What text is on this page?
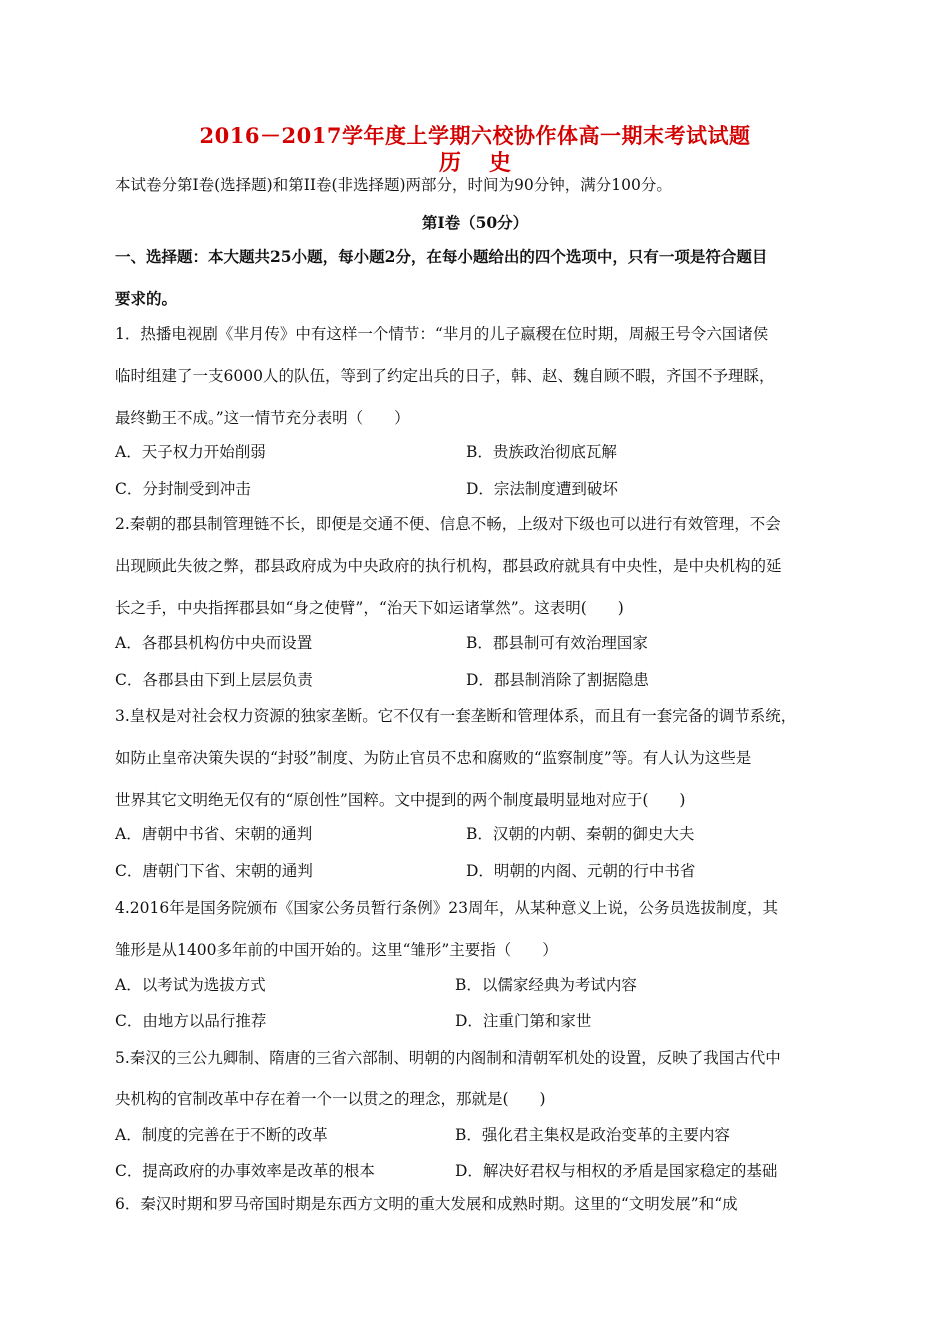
2016－2017学年度上学期六校协作体高一期末考试试题
历史
本试卷分第Ⅰ卷(选择题)和第II卷(非选择题)两部分，时间为90分钟，满分100分。
第Ⅰ卷（50分）
一、选择题：本大题共25小题，每小题2分，在每小题给出的四个选项中，只有一项是符合题目
要求的。
1．热播电视剧《芈月传》中有这样一个情节：“芈月的儿子嬴稷在位时期，周赧王号令六国诸侯
临时组建了一支6000人的队伍，等到了约定出兵的日子，韩、赵、魏自顾不暇，齐国不予理睬，
最终勤王不成。”这一情节充分表明（　　）
A．天子权力开始削弱	B．贵族政治彻底瓦解
C．分封制受到冲击	D．宗法制度遭到破坏
2.秦朝的郡县制管理链不长，即便是交通不便、信息不畅，上级对下级也可以进行有效管理，不会
出现顾此失彼之弊，郡县政府成为中央政府的执行机构，郡县政府就具有中央性，是中央机构的延
长之手，中央指挥郡县如“身之使臂”，“治天下如运诸掌然”。这表明(　　)
A．各郡县机构仿中央而设置	B．郡县制可有效治理国家
C．各郡县由下到上层层负责	D．郡县制消除了割据隐患
3.皇权是对社会权力资源的独家垄断。它不仅有一套垄断和管理体系，而且有一套完备的调节系统，
如防止皇帝决策失误的“封驳”制度、为防止官员不忠和腐败的“监察制度”等。有人认为这些是
世界其它文明绝无仅有的“原创性”国粹。文中提到的两个制度最明显地对应于(　　)
A．唐朝中书省、宋朝的通判	B．汉朝的内朝、秦朝的御史大夫
C．唐朝门下省、宋朝的通判	D．明朝的内阁、元朝的行中书省
4.2016年是国务院颁布《国家公务员暂行条例》23周年，从某种意义上说，公务员选拔制度，其
雏形是从1400多年前的中国开始的。这里“雏形”主要指（　　）
A．以考试为选拔方式	B．以儒家经典为考试内容
C．由地方以品行推荐	D．注重门第和家世
5.秦汉的三公九卿制、隋唐的三省六部制、明朝的内阁制和清朝军机处的设置，反映了我国古代中
央机构的官制改革中存在着一个一以贯之的理念，那就是(　　)
A．制度的完善在于不断的改革	B．强化君主集权是政治变革的主要内容
C．提高政府的办事效率是改革的根本	D．解决好君权与相权的矛盾是国家稳定的基础
6．秦汉时期和罗马帝国时期是东西方文明的重大发展和成熟时期。这里的“文明发展”和“成
